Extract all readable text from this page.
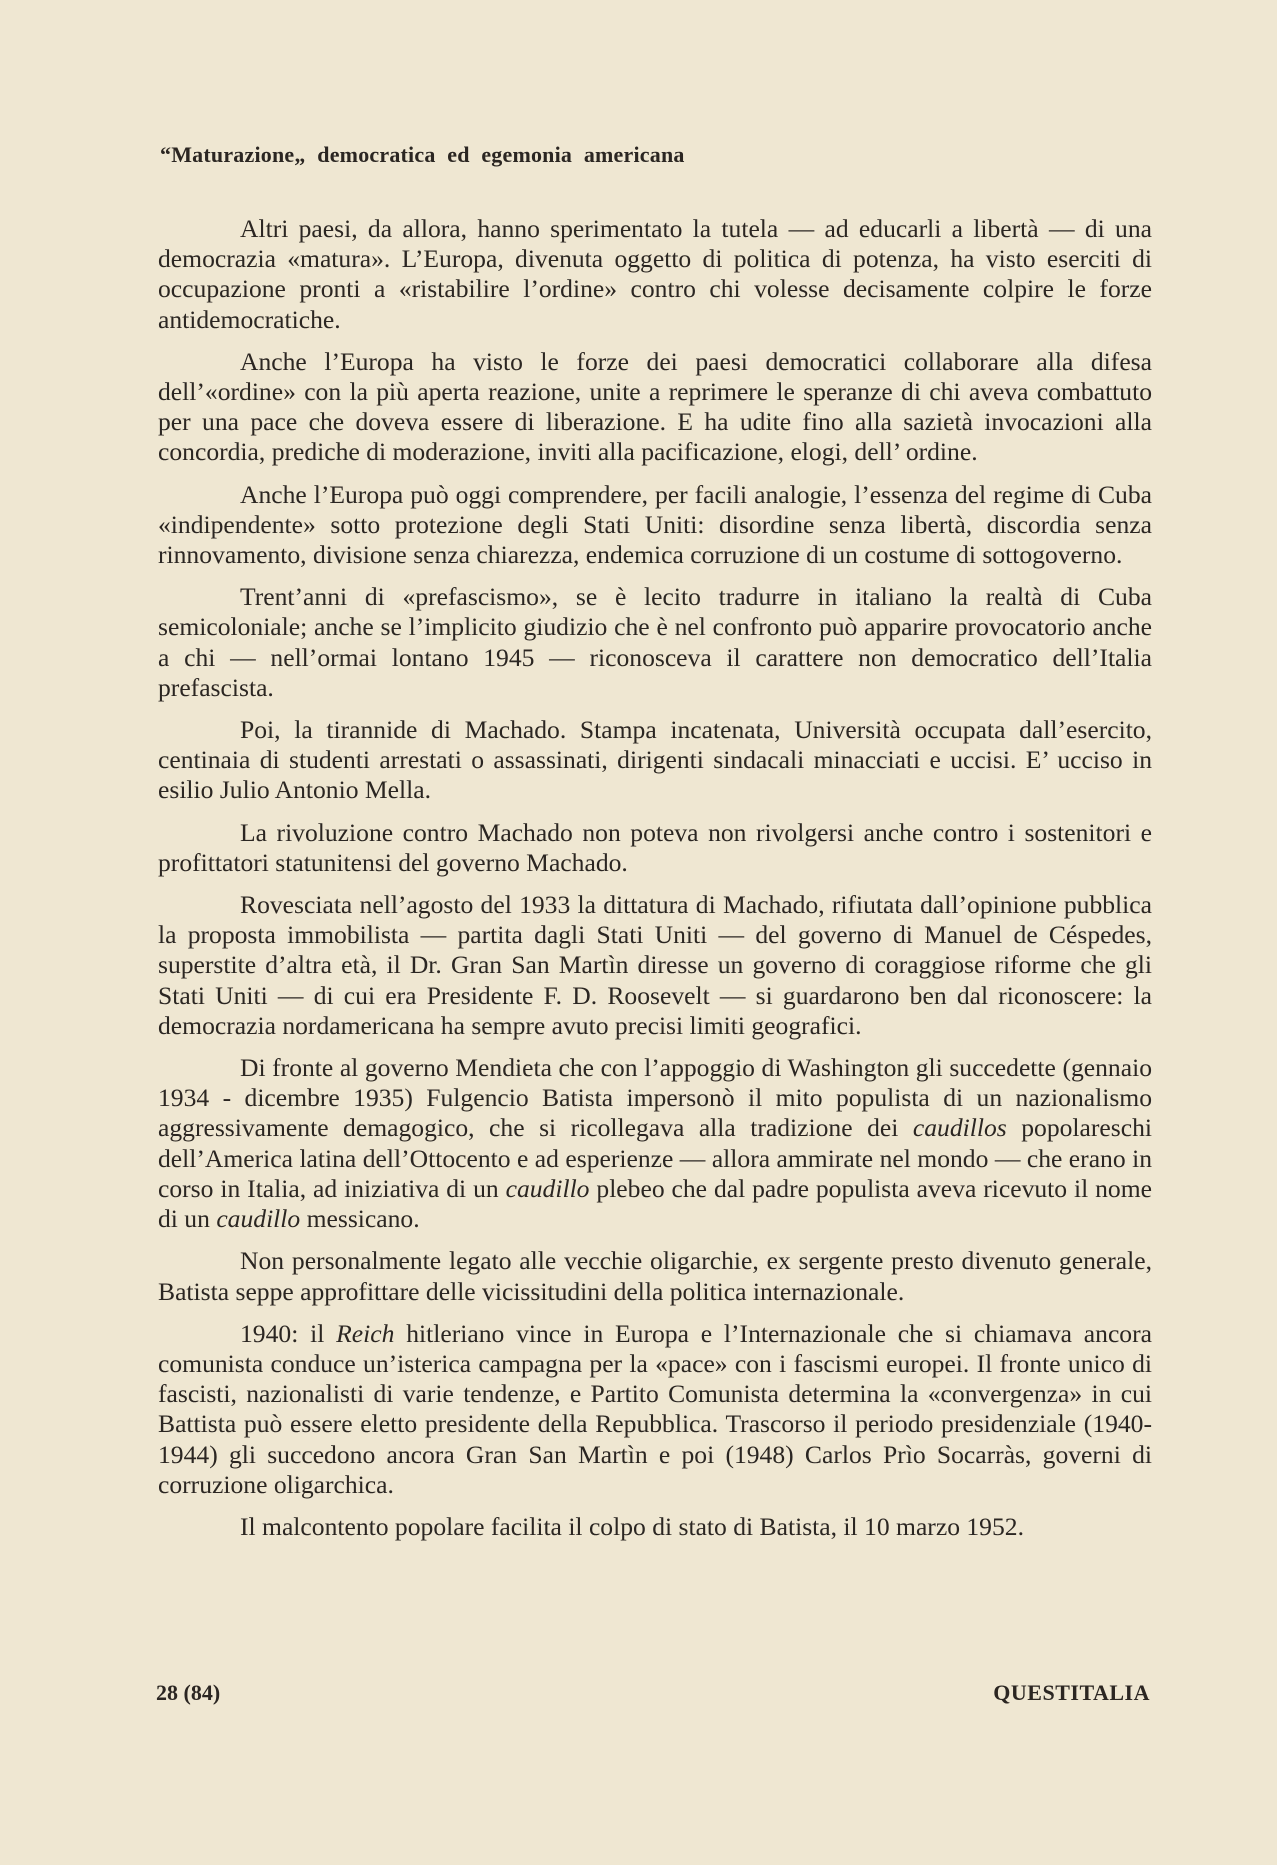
“Maturazione„ democratica ed egemonia americana

Altri paesi, da allora, hanno sperimentato la tutela — ad educarli a libertà — di una democrazia «matura». L’Europa, divenuta oggetto di politica di potenza, ha visto eserciti di occupazione pronti a «ristabilire l’ordine» contro chi volesse decisamente colpire le forze antidemocratiche.

Anche l’Europa ha visto le forze dei paesi democratici collaborare alla difesa dell’«ordine» con la più aperta reazione, unite a reprimere le speranze di chi aveva combattuto per una pace che doveva essere di liberazione. E ha udite fino alla sazietà invocazioni alla concordia, prediche di moderazione, inviti alla pacificazione, elogi, dell’ ordine.

Anche l’Europa può oggi comprendere, per facili analogie, l’essenza del regime di Cuba «indipendente» sotto protezione degli Stati Uniti: disordine senza libertà, discordia senza rinnovamento, divisione senza chiarezza, endemica corruzione di un costume di sottogoverno.

Trent’anni di «prefascismo», se è lecito tradurre in italiano la realtà di Cuba semicoloniale; anche se l’implicito giudizio che è nel confronto può apparire provocatorio anche a chi — nell’ormai lontano 1945 — riconosceva il carattere non democratico dell’Italia prefascista.

Poi, la tirannide di Machado. Stampa incatenata, Università occupata dall’esercito, centinaia di studenti arrestati o assassinati, dirigenti sindacali minacciati e uccisi. E’ ucciso in esilio Julio Antonio Mella.

La rivoluzione contro Machado non poteva non rivolgersi anche contro i sostenitori e profittatori statunitensi del governo Machado.

Rovesciata nell’agosto del 1933 la dittatura di Machado, rifiutata dall’opinione pubblica la proposta immobilista — partita dagli Stati Uniti — del governo di Manuel de Céspedes, superstite d’altra età, il Dr. Gran San Martìn diresse un governo di coraggiose riforme che gli Stati Uniti — di cui era Presidente F. D. Roosevelt — si guardarono ben dal riconoscere: la democrazia nordamericana ha sempre avuto precisi limiti geografici.

Di fronte al governo Mendieta che con l’appoggio di Washington gli succedette (gennaio 1934 - dicembre 1935) Fulgencio Batista impersonò il mito populista di un nazionalismo aggressivamente demagogico, che si ricollegava alla tradizione dei caudillos popolareschi dell’America latina dell’Ottocento e ad esperienze — allora ammirate nel mondo — che erano in corso in Italia, ad iniziativa di un caudillo plebeo che dal padre populista aveva ricevuto il nome di un caudillo messicano.

Non personalmente legato alle vecchie oligarchie, ex sergente presto divenuto generale, Batista seppe approfittare delle vicissitudini della politica internazionale.

1940: il Reich hitleriano vince in Europa e l’Internazionale che si chiamava ancora comunista conduce un’isterica campagna per la «pace» con i fascismi europei. Il fronte unico di fascisti, nazionalisti di varie tendenze, e Partito Comunista determina la «convergenza» in cui Battista può essere eletto presidente della Repubblica. Trascorso il periodo presidenziale (1940-1944) gli succedono ancora Gran San Martìn e poi (1948) Carlos Prìo Socarràs, governi di corruzione oligarchica.

Il malcontento popolare facilita il colpo di stato di Batista, il 10 marzo 1952.

28 (84)	QUESTITALIA
